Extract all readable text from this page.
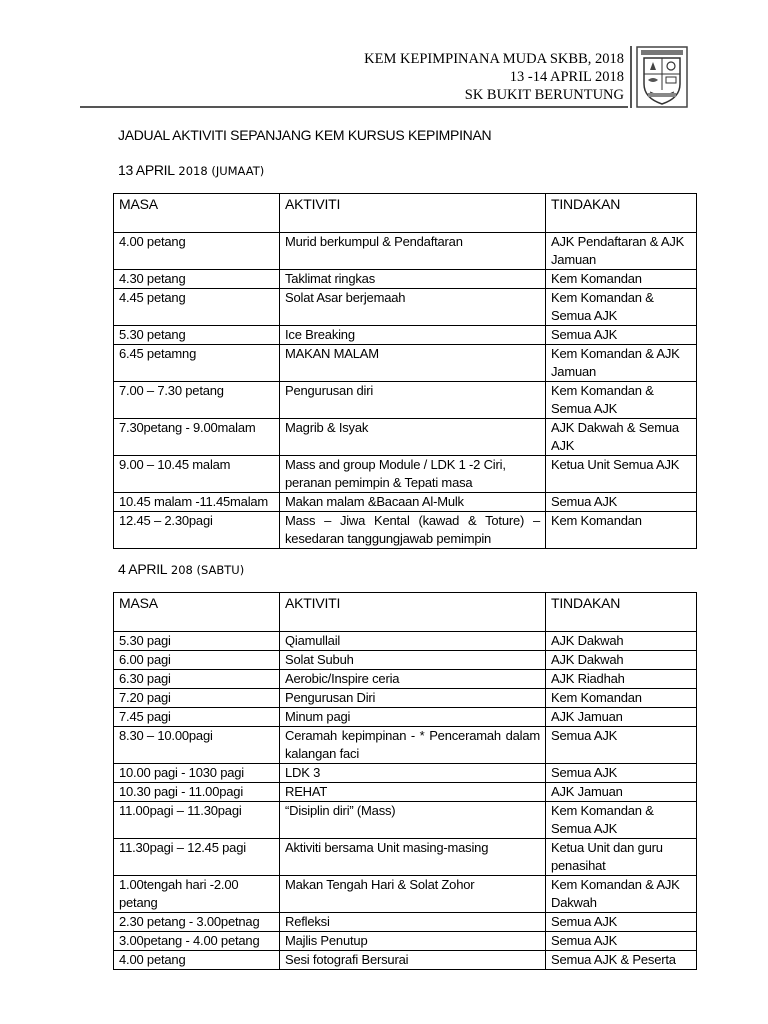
KEM KEPIMPINANA MUDA SKBB, 2018
13 -14 APRIL 2018
SK BUKIT BERUNTUNG
JADUAL AKTIVITI SEPANJANG KEM KURSUS KEPIMPINAN
13 APRIL 2018 (JUMAAT)
MASA	AKTIVITI	TINDAKAN
4.00 petang	Murid berkumpul & Pendaftaran	AJK Pendaftaran & AJK Jamuan
4.30 petang	Taklimat ringkas	Kem Komandan
4.45 petang	Solat Asar berjemaah	Kem Komandan & Semua AJK
5.30 petang	Ice Breaking	Semua AJK
6.45 petamng	MAKAN MALAM	Kem Komandan & AJK Jamuan
7.00 – 7.30 petang	Pengurusan diri	Kem Komandan & Semua AJK
7.30petang - 9.00malam	Magrib & Isyak	AJK Dakwah & Semua AJK
9.00 – 10.45 malam	Mass and group Module / LDK 1 -2 Ciri, peranan pemimpin & Tepati masa	Ketua Unit Semua AJK
10.45 malam -11.45malam	Makan malam &Bacaan Al-Mulk	Semua AJK
12.45 – 2.30pagi	Mass – Jiwa Kental (kawad & Toture) – kesedaran tanggungjawab pemimpin	Kem Komandan
4 APRIL 208 (SABTU)
MASA	AKTIVITI	TINDAKAN
5.30 pagi	Qiamullail	AJK Dakwah
6.00 pagi	Solat Subuh	AJK Dakwah
6.30 pagi	Aerobic/Inspire ceria	AJK Riadhah
7.20 pagi	Pengurusan Diri	Kem Komandan
7.45 pagi	Minum pagi	AJK Jamuan
8.30 – 10.00pagi	Ceramah kepimpinan - * Penceramah dalam kalangan faci	Semua AJK
10.00 pagi - 1030 pagi	LDK 3	Semua AJK
10.30 pagi - 11.00pagi	REHAT	AJK Jamuan
11.00pagi – 11.30pagi	“Disiplin diri” (Mass)	Kem Komandan & Semua AJK
11.30pagi – 12.45 pagi	Aktiviti bersama Unit masing-masing	Ketua Unit dan guru penasihat
1.00tengah hari -2.00 petang	Makan Tengah Hari & Solat Zohor	Kem Komandan & AJK Dakwah
2.30 petang - 3.00petnag	Refleksi	Semua AJK
3.00petang - 4.00 petang	Majlis Penutup	Semua AJK
4.00 petang	Sesi fotografi Bersurai	Semua AJK & Peserta
